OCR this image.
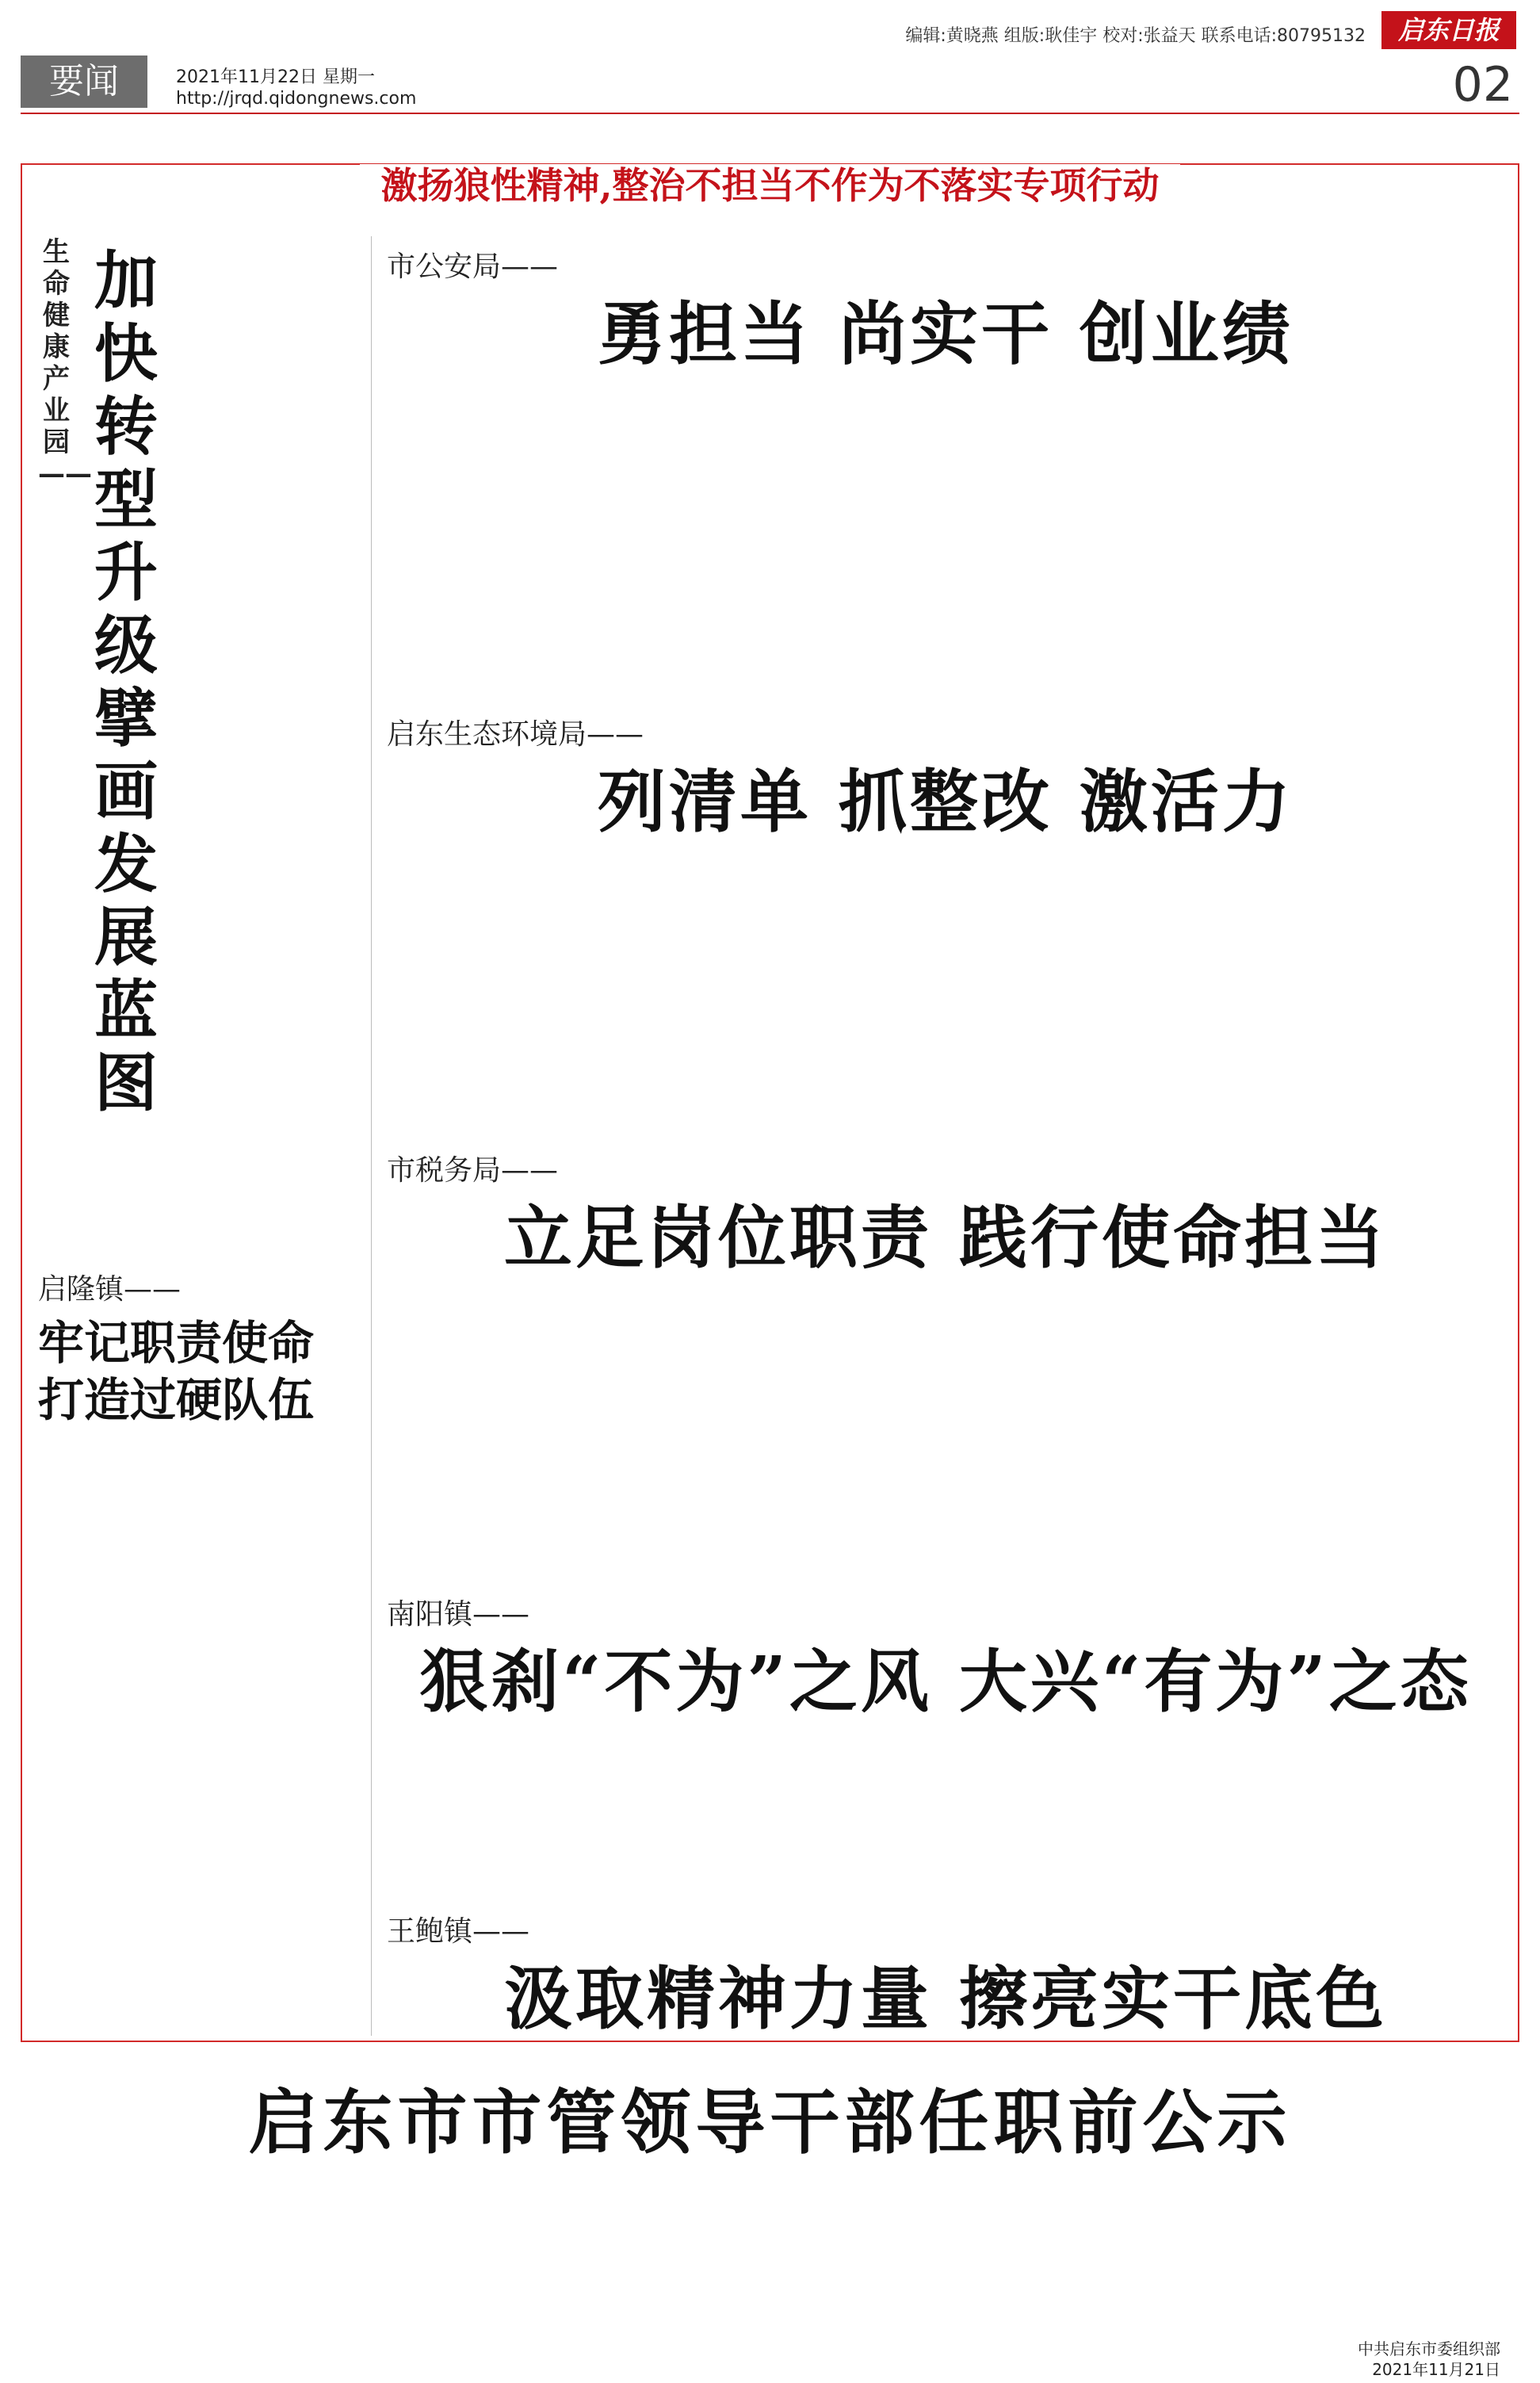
编辑:黄晓燕 组版:耿佳宇 校对:张益天 联系电话:80795132	启东日报
要闻	2021年11月22日 星期一
http://jrqd.qidongnews.com	02
激扬狼性精神,整治不担当不作为不落实专项行动
生命健康产业园——
加快转型升级 擘画发展蓝图
启隆镇——
牢记职责使命 打造过硬队伍
市公安局——
勇担当 尚实干 创业绩
启东生态环境局——
列清单 抓整改 激活力
市税务局——
立足岗位职责 践行使命担当
南阳镇——
狠刹“不为”之风 大兴“有为”之态
王鲍镇——
汲取精神力量 擦亮实干底色
启东市市管领导干部任职前公示
中共启东市委组织部
2021年11月21日
